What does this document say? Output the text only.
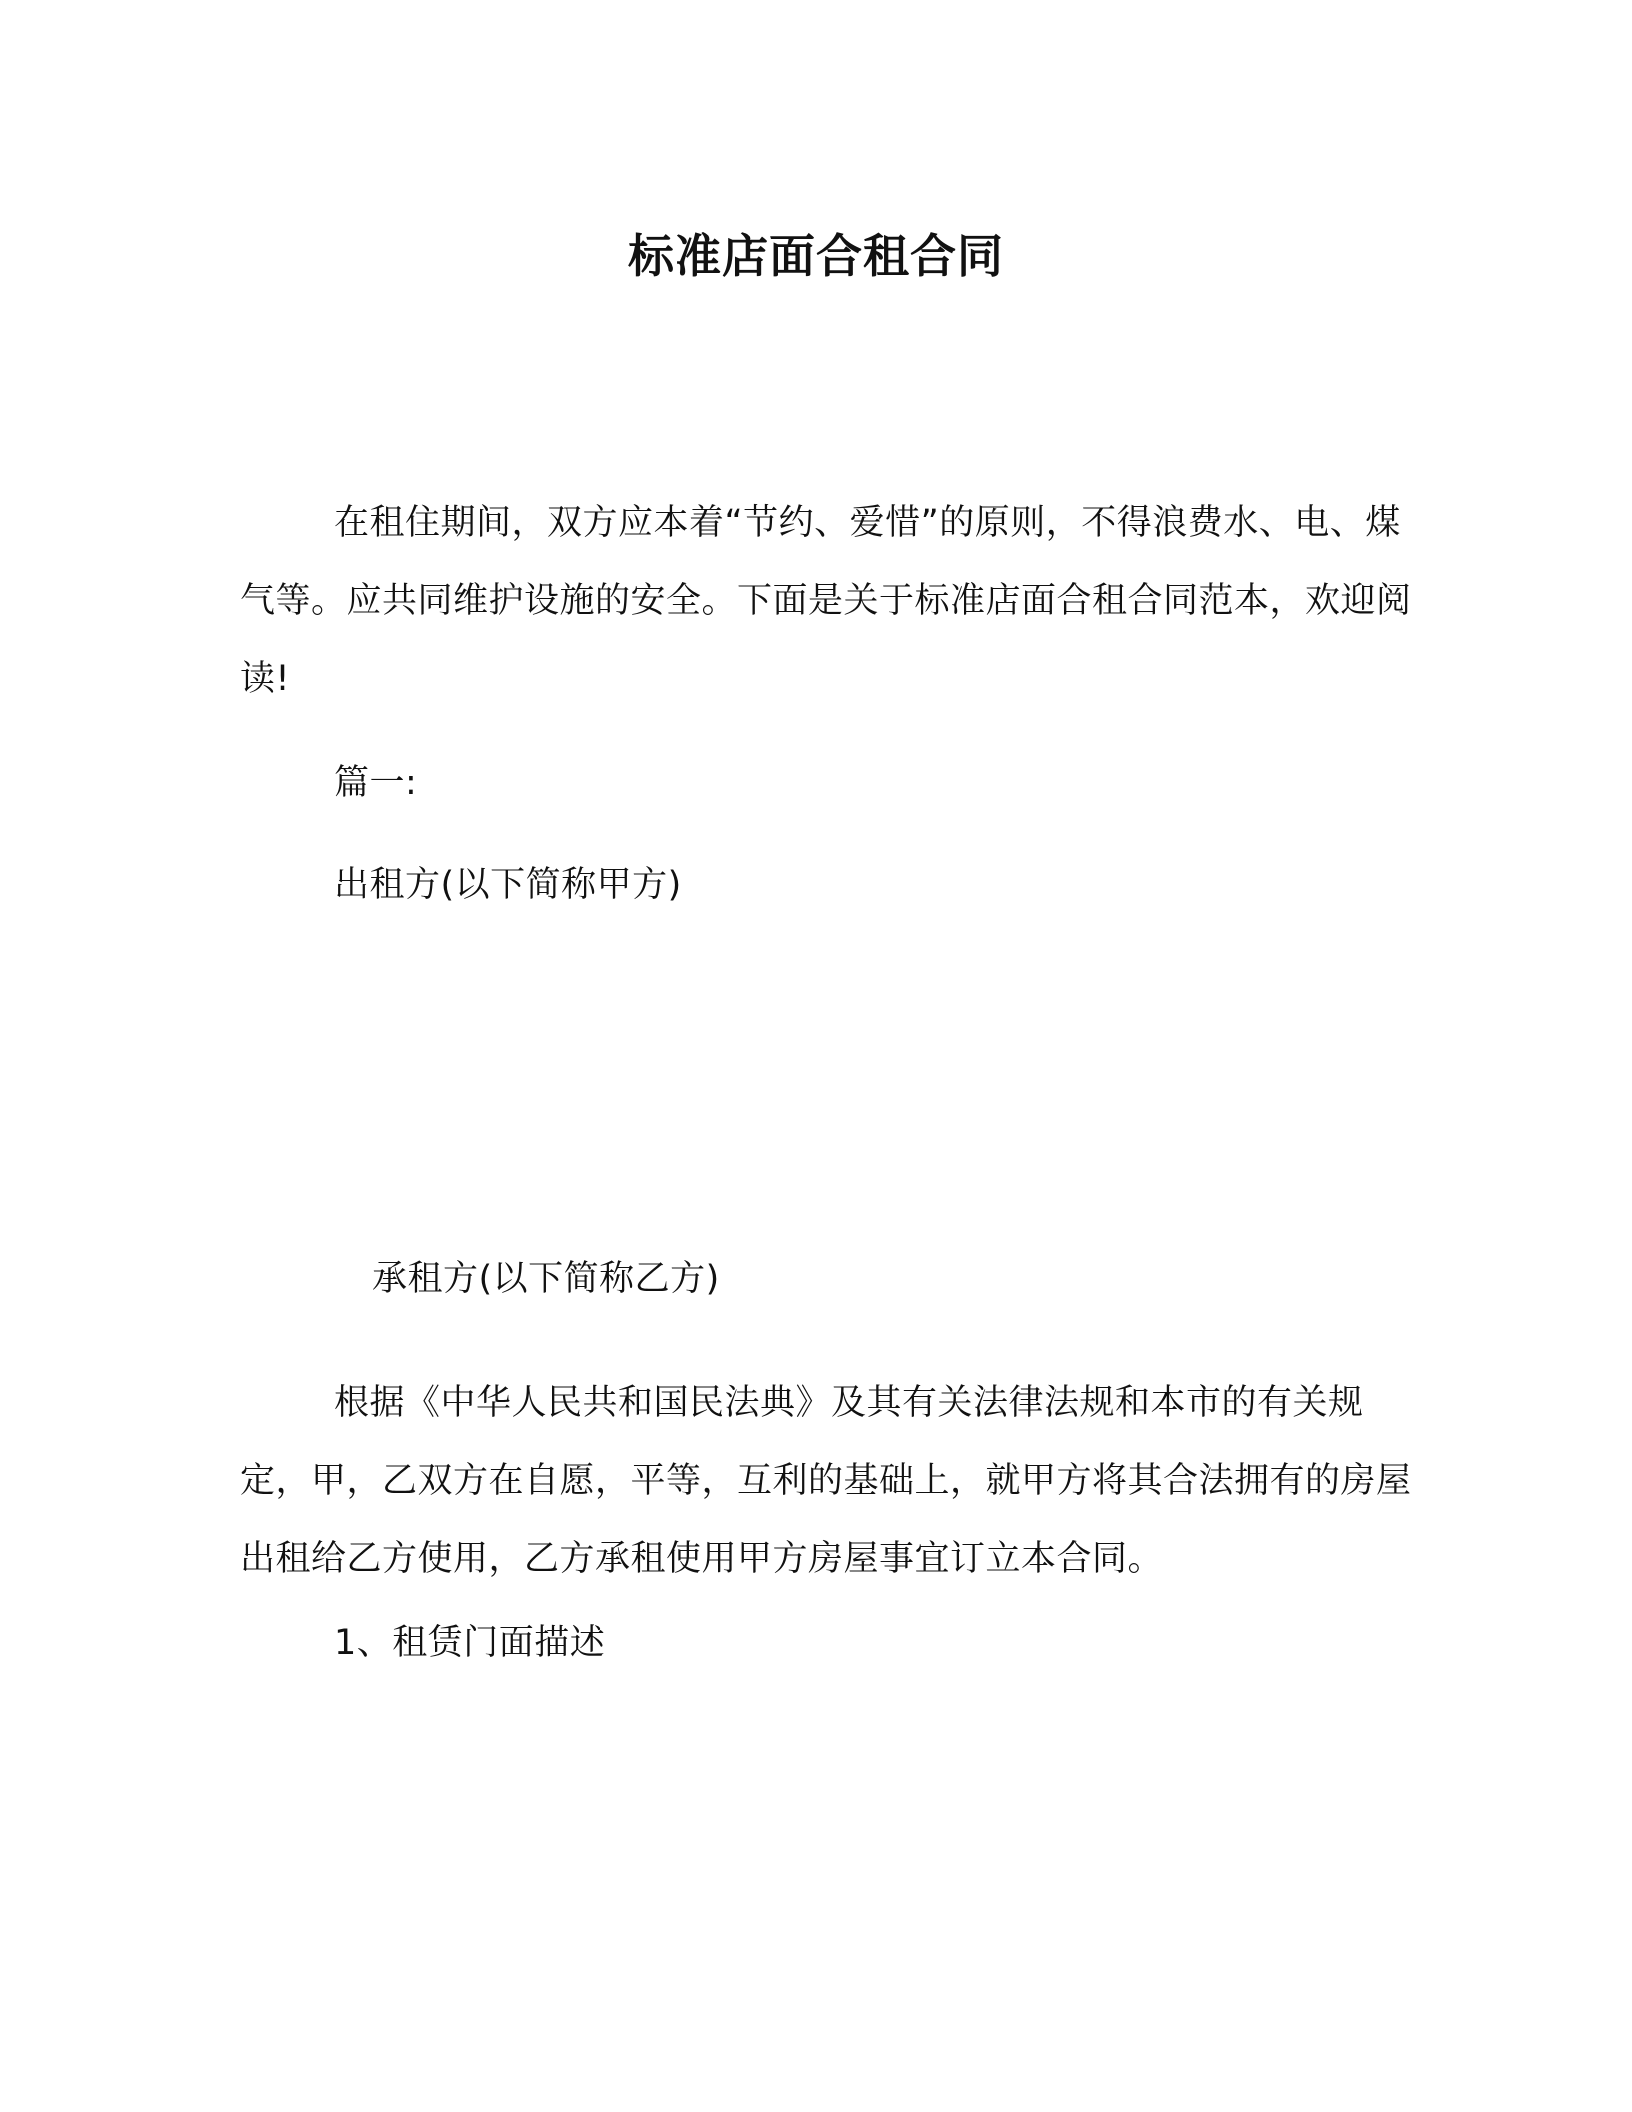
标准店面合租合同

在租住期间，双方应本着“节约、爱惜”的原则，不得浪费水、电、煤气等。应共同维护设施的安全。下面是关于标准店面合租合同范本，欢迎阅读!

篇一:

出租方(以下简称甲方)

承租方(以下简称乙方)

根据《中华人民共和国民法典》及其有关法律法规和本市的有关规定，甲，乙双方在自愿，平等，互利的基础上，就甲方将其合法拥有的房屋出租给乙方使用，乙方承租使用甲方房屋事宜订立本合同。

1、租赁门面描述
